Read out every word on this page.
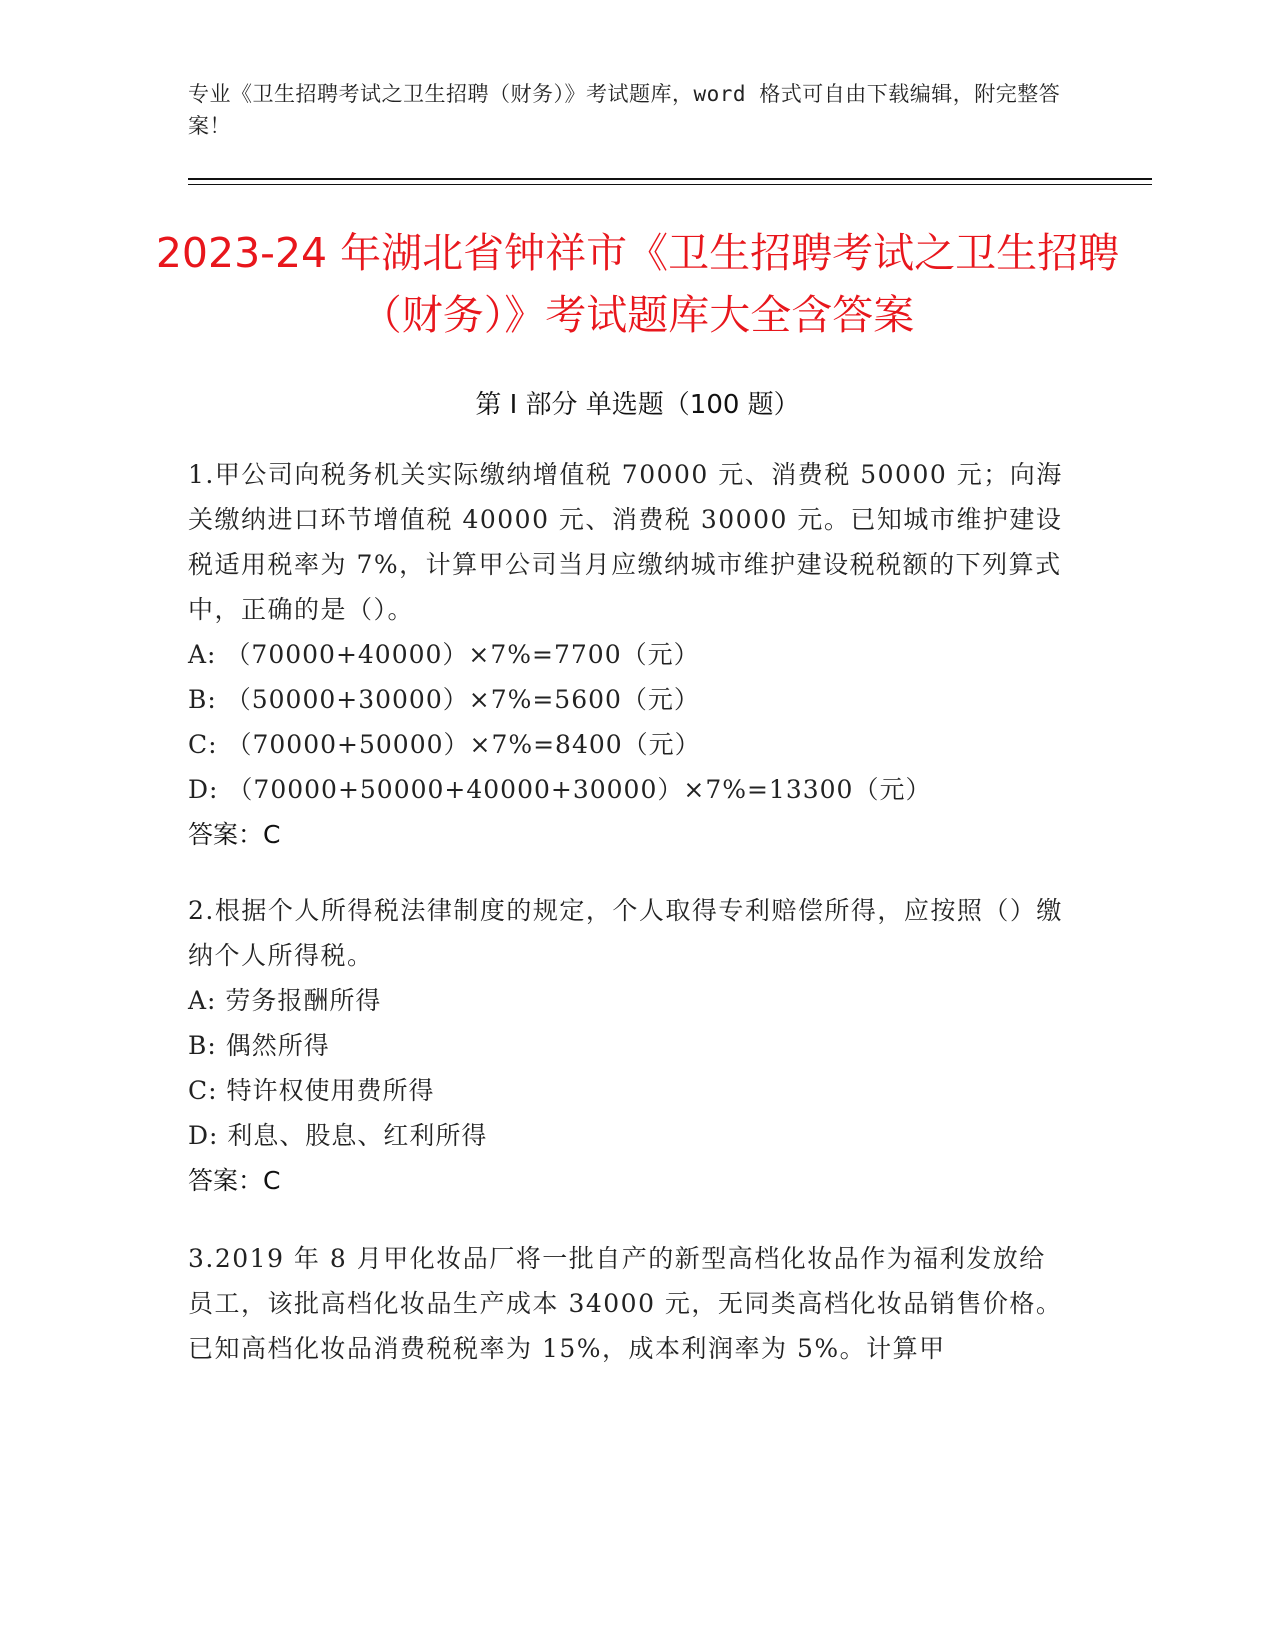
专业《卫生招聘考试之卫生招聘（财务）》考试题库，word 格式可自由下载编辑，附完整答案！
2023-24 年湖北省钟祥市《卫生招聘考试之卫生招聘（财务）》考试题库大全含答案
第 I 部分 单选题（100 题）
1.甲公司向税务机关实际缴纳增值税 70000 元、消费税 50000 元；向海关缴纳进口环节增值税 40000 元、消费税 30000 元。已知城市维护建设税适用税率为 7%，计算甲公司当月应缴纳城市维护建设税税额的下列算式中，正确的是（）。
A: （70000+40000）×7%=7700（元）
B: （50000+30000）×7%=5600（元）
C: （70000+50000）×7%=8400（元）
D: （70000+50000+40000+30000）×7%=13300（元）
答案：C
2.根据个人所得税法律制度的规定，个人取得专利赔偿所得，应按照（）缴纳个人所得税。
A: 劳务报酬所得
B: 偶然所得
C: 特许权使用费所得
D: 利息、股息、红利所得
答案：C
3.2019 年 8 月甲化妆品厂将一批自产的新型高档化妆品作为福利发放给员工，该批高档化妆品生产成本 34000 元，无同类高档化妆品销售价格。已知高档化妆品消费税税率为 15%，成本利润率为 5%。计算甲
